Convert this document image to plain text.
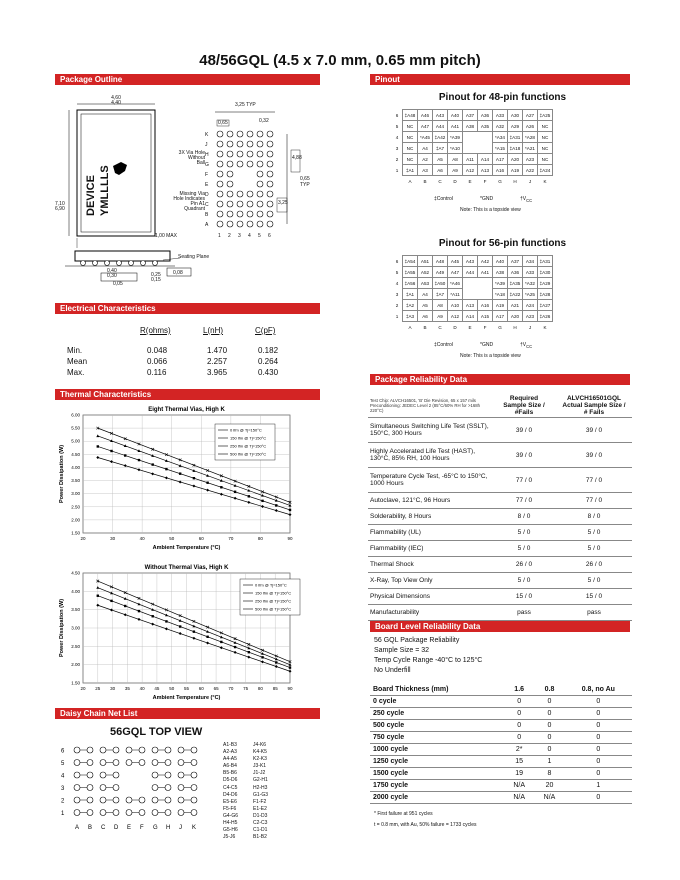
48/56GQL (4.5 x 7.0 mm, 0.65 mm pitch)
Package Outline
4,60
4,40
7,10
6,90 DEVICE YMLLLLS
3,25 TYP
0,65	0,32
3X Via Hole
Without
Ball
Missing Via
Hole Indicates
Pin A1
Quadrant
1,00 MAX
Seating Plane
0,40
0,30	0,25
0,15
0,05
0,08
0,65 TYP
4,88
3,25
K
J
H
G
F
E
D
C
B
A
1 2 3 4 5 6
Electrical Characteristics
R(ohms)	L(nH)	C(pF)
Min.	0.048	1.470	0.182
Mean	0.066	2.257	0.264
Max.	0.116	3.965	0.430
Thermal Characteristics
Eight Thermal Vias, High K
1.50
2.00
2.50
3.00
3.50
4.00
4.50
5.00
5.50
6.00
20	30	40	50	60	70	80	90
Ambient Temperature (°C)
Power Dissipation (W)
0 lfm @ Tj=150°C
150 lfm @ Tj=150°C
250 lfm @ Tj=150°C
500 lfm @ Tj=150°C
Without Thermal Vias, High K
1.50
2.00
2.50
3.00
3.50
4.00
4.50
20 25 30 35 40 45 50 55 60 65 70 75 80 85 90
Ambient Temperature (°C)
Power Dissipation (W)
0 lfm @ Tj=150°C
150 lfm @ Tj=150°C
250 lfm @ Tj=150°C
500 lfm @ Tj=150°C
Daisy Chain Net List
56GQL TOP VIEW
6
5
4
3
2
1
A B C D E F G H J K
A1-B3
A2-A3
A4-A5
A6-B4
B5-B6
D5-D6
C4-C5
D4-D6
E5-E6
F5-F6
G4-G6
H4-H5
G5-H6
J5-J6
J4-K6
K4-K5
K2-K3
J3-K1
J1-J2
G2-H1
H2-H3
G1-G3
F1-F2
E1-E2
D1-D3
C2-C3
C1-D1
B1-B2
Pinout
Pinout for 48-pin functions
6	‡A48	A46	A43	A40	A37	A36	A33	A30	A27	‡A25
5	NC	A47	A44	A41	A38	A35	A32	A29	A26	NC
4	NC	*A45	‡A42	*A39			*A34	‡A31	*A28	NC
3	NC	A4	‡A7	*A10			*A15	‡A18	*A21	NC
2	NC	A2	A5	A8	A11	A14	A17	A20	A23	NC
1	‡A1	A3	A6	A9	A12	A13	A16	A19	A22	‡A24
	A	B	C	D	E	F	G	H	J	K
‡Control	*GND	$\dagger V_{CC}$
Note: This is a topside view
Pinout for 56-pin functions
6	‡A54	A51	A48	A45	A43	A42	A40	A37	A34	‡A31
5	‡A55	A52	A49	A47	A44	A41	A38	A36	A33	‡A30
4	‡A56	A53	‡A50	*A46			*A39	‡A35	*A32	‡A29
3	‡A1	A4	‡A7	*A11			*A18	‡A22	*A25	‡A28
2	‡A2	A5	A8	A10	A13	A16	A19	A21	A24	‡A27
1	‡A3	A6	A9	A12	A14	A15	A17	A20	A23	‡A26
	A	B	C	D	E	F	G	H	J	K
‡Control	*GND	$\dagger V_{CC}$
Note: This is a topside view
Package Reliability Data
Test Chip: ALVCH16501, 'B' Die Revision, 65 x 157 mils
Preconditioning: JEDEC Level 2 (85°C/60% RH for >168h 220°C)	Required
Sample Size /
#Fails	ALVCH16501GQL
Actual Sample Size /
# Fails
Simultaneous Switching Life Test (SSLT), 150°C, 300 Hours	39 / 0	39 / 0
Highly Accelerated Life Test (HAST), 130°C, 85% RH, 100 Hours	39 / 0	39 / 0
Temperature Cycle Test, -65°C to 150°C, 1000 Hours	77 / 0	77 / 0
Autoclave, 121°C, 96 Hours	77 / 0	77 / 0
Solderability, 8 Hours	8 / 0	8 / 0
Flammability (UL)	5 / 0	5 / 0
Flammability (IEC)	5 / 0	5 / 0
Thermal Shock	26 / 0	26 / 0
X-Ray, Top View Only	5 / 0	5 / 0
Physical Dimensions	15 / 0	15 / 0
Manufacturability	pass	pass
Board Level Reliability Data
56 GQL Package Reliability
Sample Size = 32
Temp Cycle Range -40°C to 125°C
No Underfill
Board Thickness (mm)	1.6	0.8	0.8, no Au
0 cycle	0	0	0
250 cycle	0	0	0
500 cycle	0	0	0
750 cycle	0	0	0
1000 cycle	2*	0	0
1250 cycle	15	1	0
1500 cycle	19	8	0
1750 cycle	N/A	20	1
2000 cycle	N/A	N/A	0
* First failure at 951 cycles
t = 0.8 mm, with Au, 50% failure = 1733 cycles
